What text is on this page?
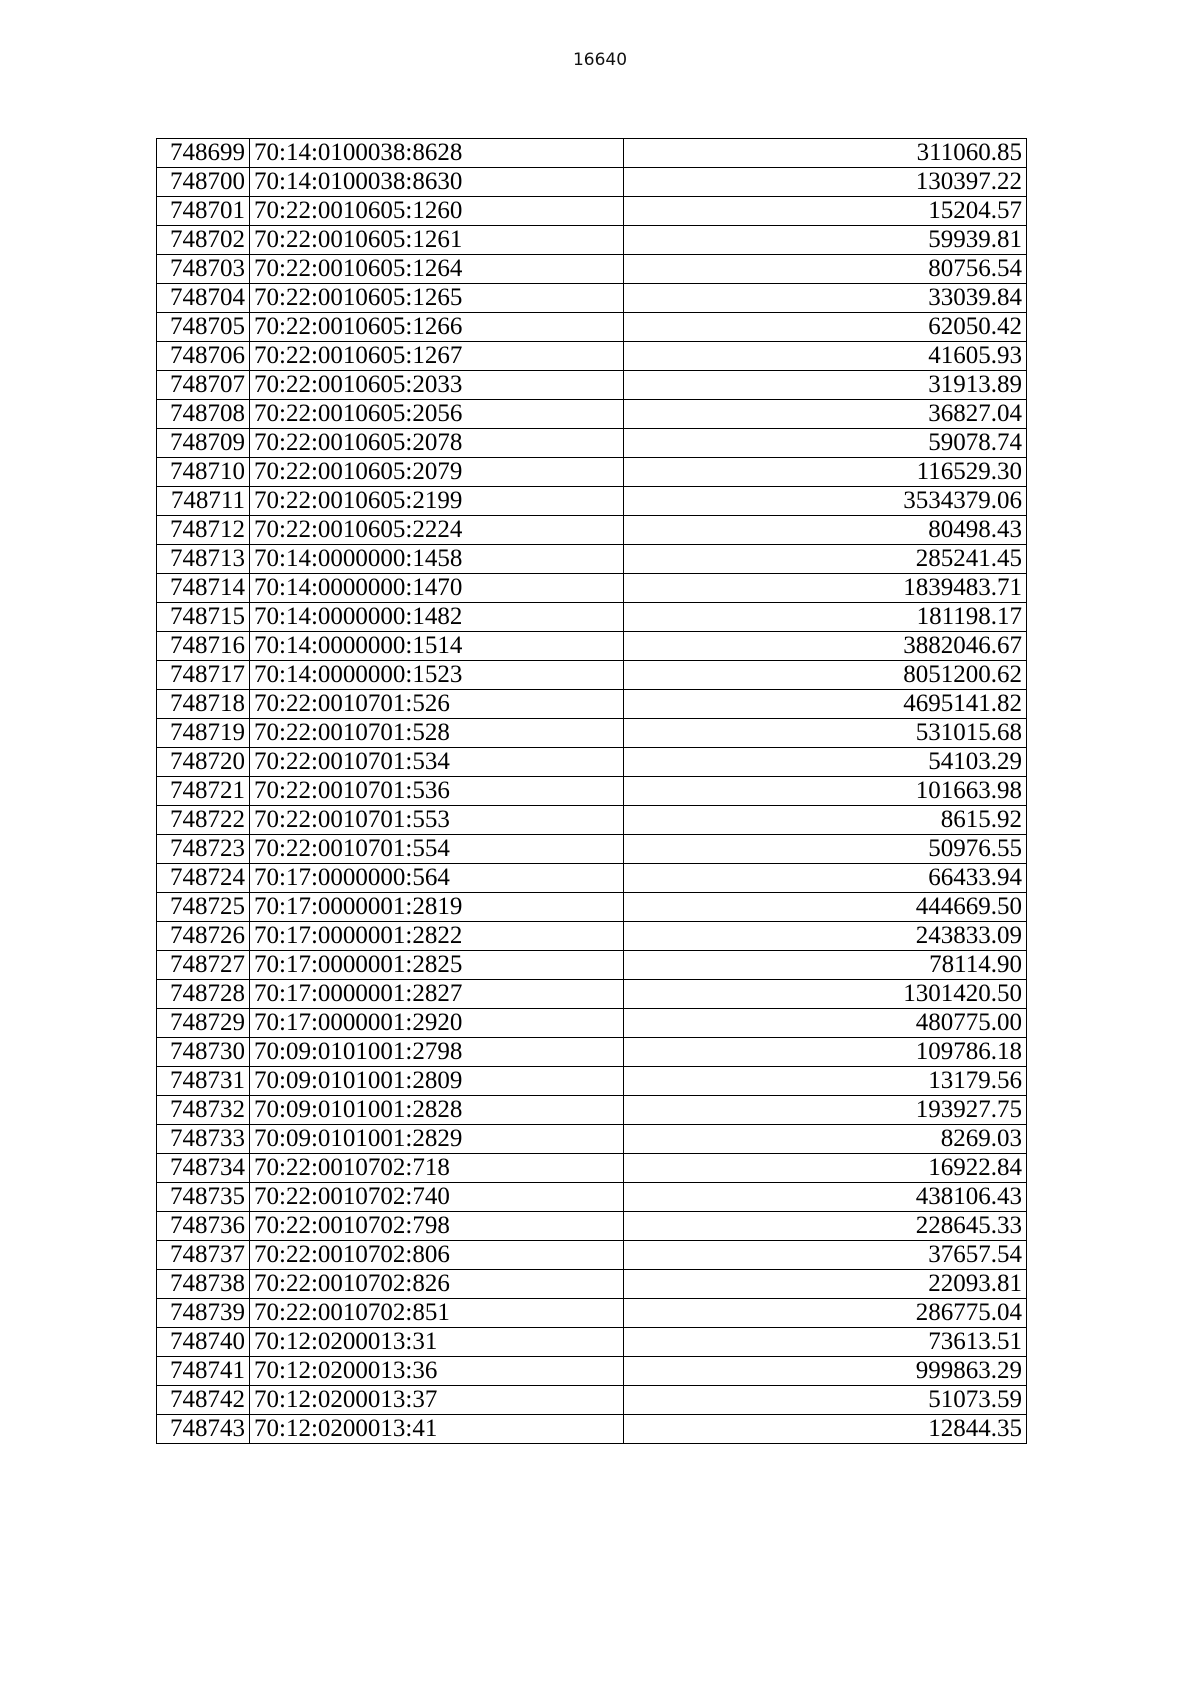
16640
748699	70:14:0100038:8628	311060.85
748700	70:14:0100038:8630	130397.22
748701	70:22:0010605:1260	15204.57
748702	70:22:0010605:1261	59939.81
748703	70:22:0010605:1264	80756.54
748704	70:22:0010605:1265	33039.84
748705	70:22:0010605:1266	62050.42
748706	70:22:0010605:1267	41605.93
748707	70:22:0010605:2033	31913.89
748708	70:22:0010605:2056	36827.04
748709	70:22:0010605:2078	59078.74
748710	70:22:0010605:2079	116529.30
748711	70:22:0010605:2199	3534379.06
748712	70:22:0010605:2224	80498.43
748713	70:14:0000000:1458	285241.45
748714	70:14:0000000:1470	1839483.71
748715	70:14:0000000:1482	181198.17
748716	70:14:0000000:1514	3882046.67
748717	70:14:0000000:1523	8051200.62
748718	70:22:0010701:526	4695141.82
748719	70:22:0010701:528	531015.68
748720	70:22:0010701:534	54103.29
748721	70:22:0010701:536	101663.98
748722	70:22:0010701:553	8615.92
748723	70:22:0010701:554	50976.55
748724	70:17:0000000:564	66433.94
748725	70:17:0000001:2819	444669.50
748726	70:17:0000001:2822	243833.09
748727	70:17:0000001:2825	78114.90
748728	70:17:0000001:2827	1301420.50
748729	70:17:0000001:2920	480775.00
748730	70:09:0101001:2798	109786.18
748731	70:09:0101001:2809	13179.56
748732	70:09:0101001:2828	193927.75
748733	70:09:0101001:2829	8269.03
748734	70:22:0010702:718	16922.84
748735	70:22:0010702:740	438106.43
748736	70:22:0010702:798	228645.33
748737	70:22:0010702:806	37657.54
748738	70:22:0010702:826	22093.81
748739	70:22:0010702:851	286775.04
748740	70:12:0200013:31	73613.51
748741	70:12:0200013:36	999863.29
748742	70:12:0200013:37	51073.59
748743	70:12:0200013:41	12844.35
